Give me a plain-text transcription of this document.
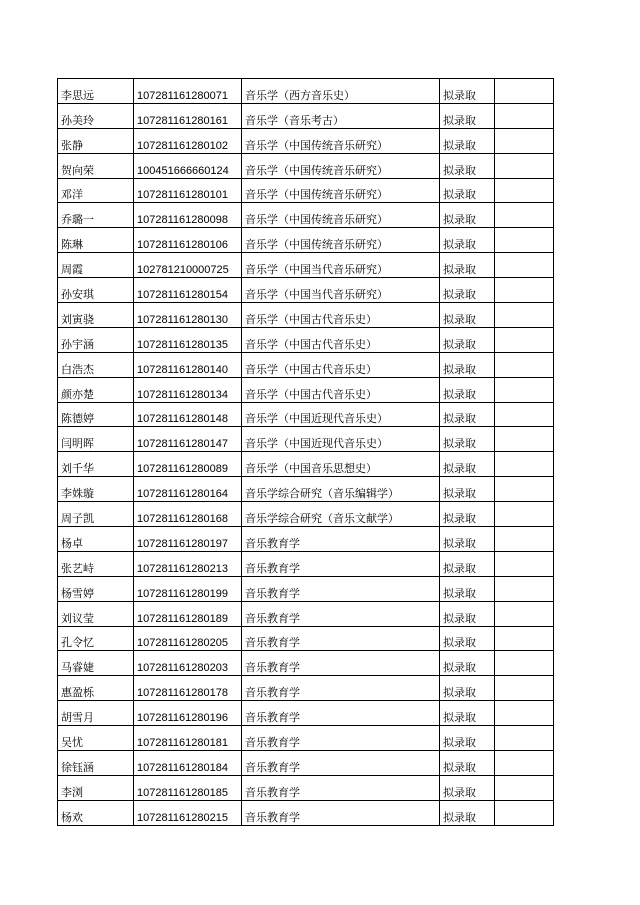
李思远	107281161280071	音乐学（西方音乐史）	拟录取	
孙美玲	107281161280161	音乐学（音乐考古）	拟录取	
张静	107281161280102	音乐学（中国传统音乐研究）	拟录取	
贺向荣	100451666660124	音乐学（中国传统音乐研究）	拟录取	
邓洋	107281161280101	音乐学（中国传统音乐研究）	拟录取	
乔璐一	107281161280098	音乐学（中国传统音乐研究）	拟录取	
陈琳	107281161280106	音乐学（中国传统音乐研究）	拟录取	
周霞	102781210000725	音乐学（中国当代音乐研究）	拟录取	
孙安琪	107281161280154	音乐学（中国当代音乐研究）	拟录取	
刘寅骁	107281161280130	音乐学（中国古代音乐史）	拟录取	
孙宇涵	107281161280135	音乐学（中国古代音乐史）	拟录取	
白浩杰	107281161280140	音乐学（中国古代音乐史）	拟录取	
颜亦楚	107281161280134	音乐学（中国古代音乐史）	拟录取	
陈德婷	107281161280148	音乐学（中国近现代音乐史）	拟录取	
闫明晖	107281161280147	音乐学（中国近现代音乐史）	拟录取	
刘千华	107281161280089	音乐学（中国音乐思想史）	拟录取	
李姝璇	107281161280164	音乐学综合研究（音乐编辑学）	拟录取	
周子凯	107281161280168	音乐学综合研究（音乐文献学）	拟录取	
杨卓	107281161280197	音乐教育学	拟录取	
张艺峙	107281161280213	音乐教育学	拟录取	
杨雪婷	107281161280199	音乐教育学	拟录取	
刘议莹	107281161280189	音乐教育学	拟录取	
孔令忆	107281161280205	音乐教育学	拟录取	
马睿婕	107281161280203	音乐教育学	拟录取	
惠盈栎	107281161280178	音乐教育学	拟录取	
胡雪月	107281161280196	音乐教育学	拟录取	
吴忧	107281161280181	音乐教育学	拟录取	
徐钰涵	107281161280184	音乐教育学	拟录取	
李浏	107281161280185	音乐教育学	拟录取	
杨欢	107281161280215	音乐教育学	拟录取	
